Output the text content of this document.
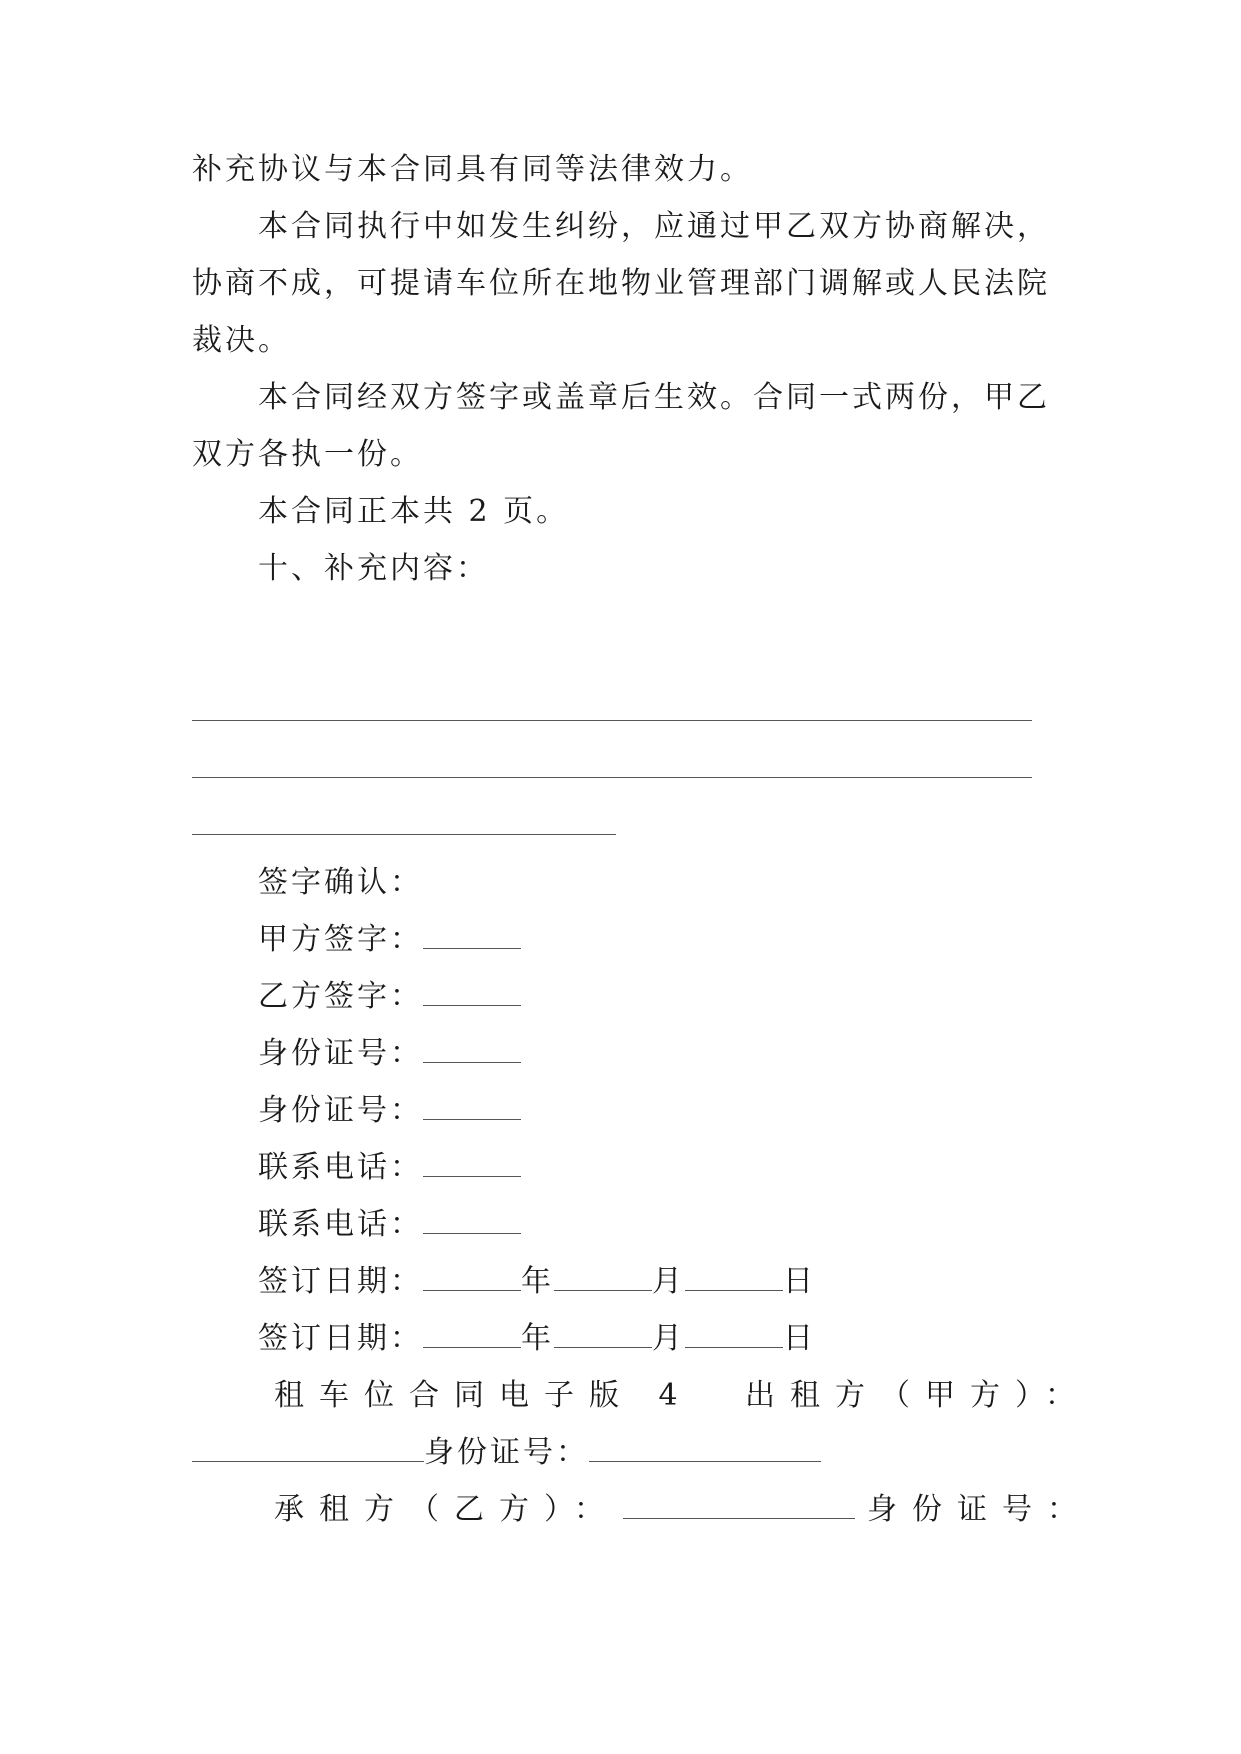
补充协议与本合同具有同等法律效力。
本合同执行中如发生纠纷，应通过甲乙双方协商解决，
协商不成，可提请车位所在地物业管理部门调解或人民法院
裁决。
本合同经双方签字或盖章后生效。合同一式两份，甲乙
双方各执一份。
本合同正本共 2 页。
十、补充内容：
签字确认：
甲方签字：
乙方签字：
身份证号：
身份证号：
联系电话：
联系电话：
签订日期：	年	月	日
签订日期：	年	月	日
租车位合同电子版 4 出租方（甲方）：
身份证号：
承租方（乙方）：	身份证号：
